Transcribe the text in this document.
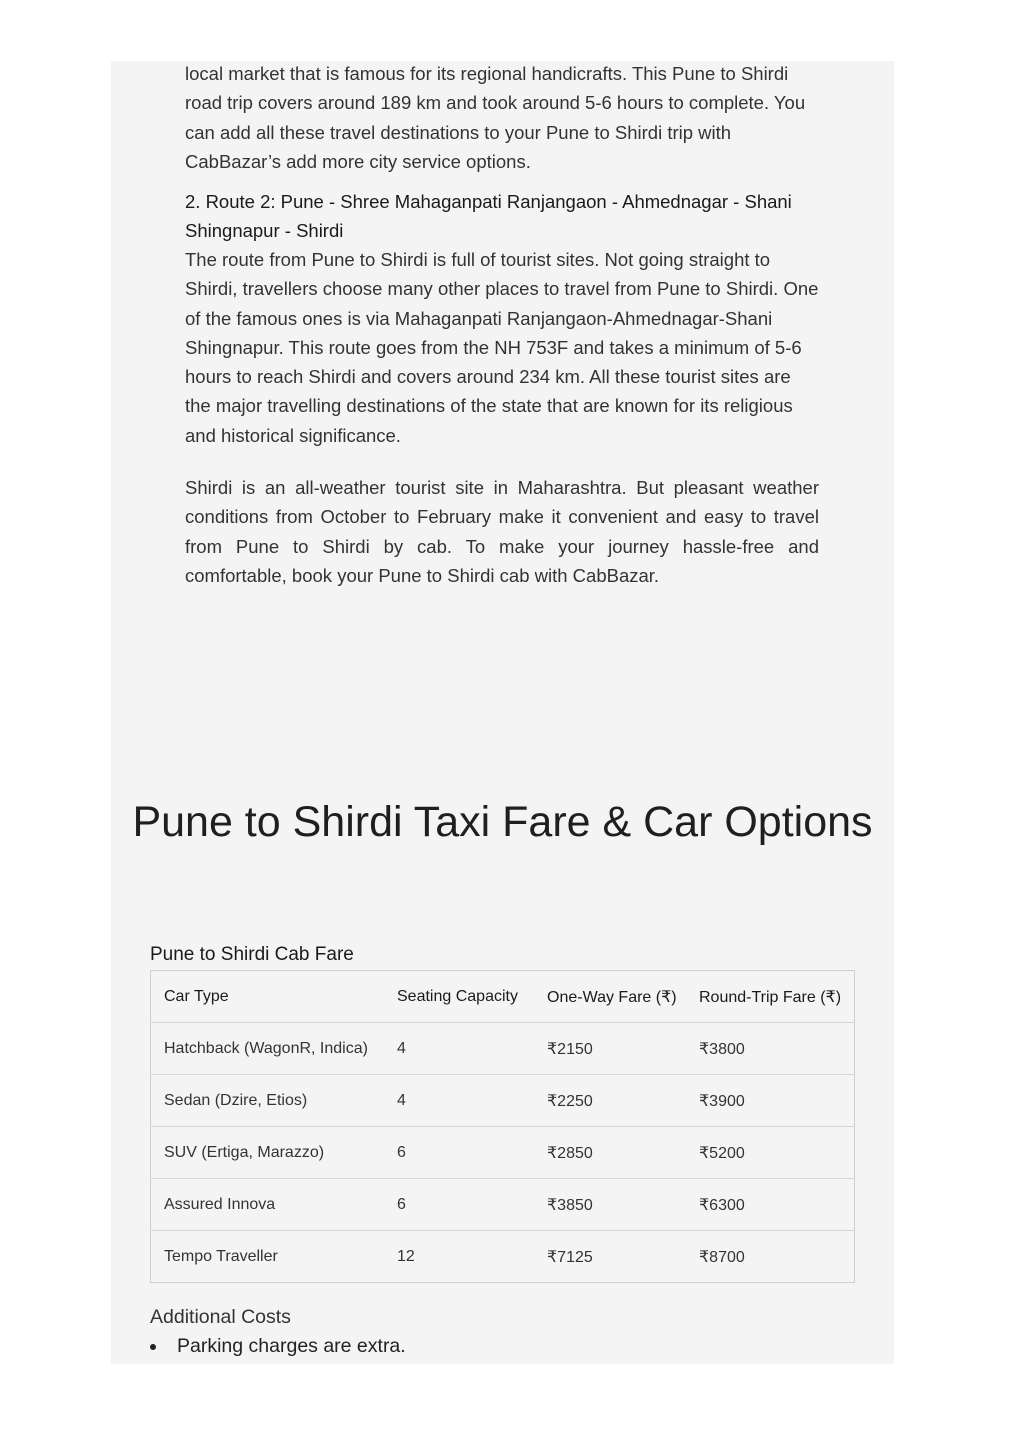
local market that is famous for its regional handicrafts. This Pune to Shirdi road trip covers around 189 km and took around 5-6 hours to complete. You can add all these travel destinations to your Pune to Shirdi trip with CabBazar’s add more city service options.

2. Route 2: Pune - Shree Mahaganpati Ranjangaon - Ahmednagar - Shani Shingnapur - Shirdi

The route from Pune to Shirdi is full of tourist sites. Not going straight to Shirdi, travellers choose many other places to travel from Pune to Shirdi. One of the famous ones is via Mahaganpati Ranjangaon-Ahmednagar-Shani Shingnapur. This route goes from the NH 753F and takes a minimum of 5-6 hours to reach Shirdi and covers around 234 km. All these tourist sites are the major travelling destinations of the state that are known for its religious and historical significance.

Shirdi is an all-weather tourist site in Maharashtra. But pleasant weather conditions from October to February make it convenient and easy to travel from Pune to Shirdi by cab. To make your journey hassle-free and comfortable, book your Pune to Shirdi cab with CabBazar.

Pune to Shirdi Taxi Fare & Car Options
Pune to Shirdi Cab Fare
Car Type	Seating Capacity	One-Way Fare (₹)	Round-Trip Fare (₹)
Hatchback (WagonR, Indica)	4	₹2150	₹3800
Sedan (Dzire, Etios)	4	₹2250	₹3900
SUV (Ertiga, Marazzo)	6	₹2850	₹5200
Assured Innova	6	₹3850	₹6300
Tempo Traveller	12	₹7125	₹8700
Additional Costs
Parking charges are extra.
